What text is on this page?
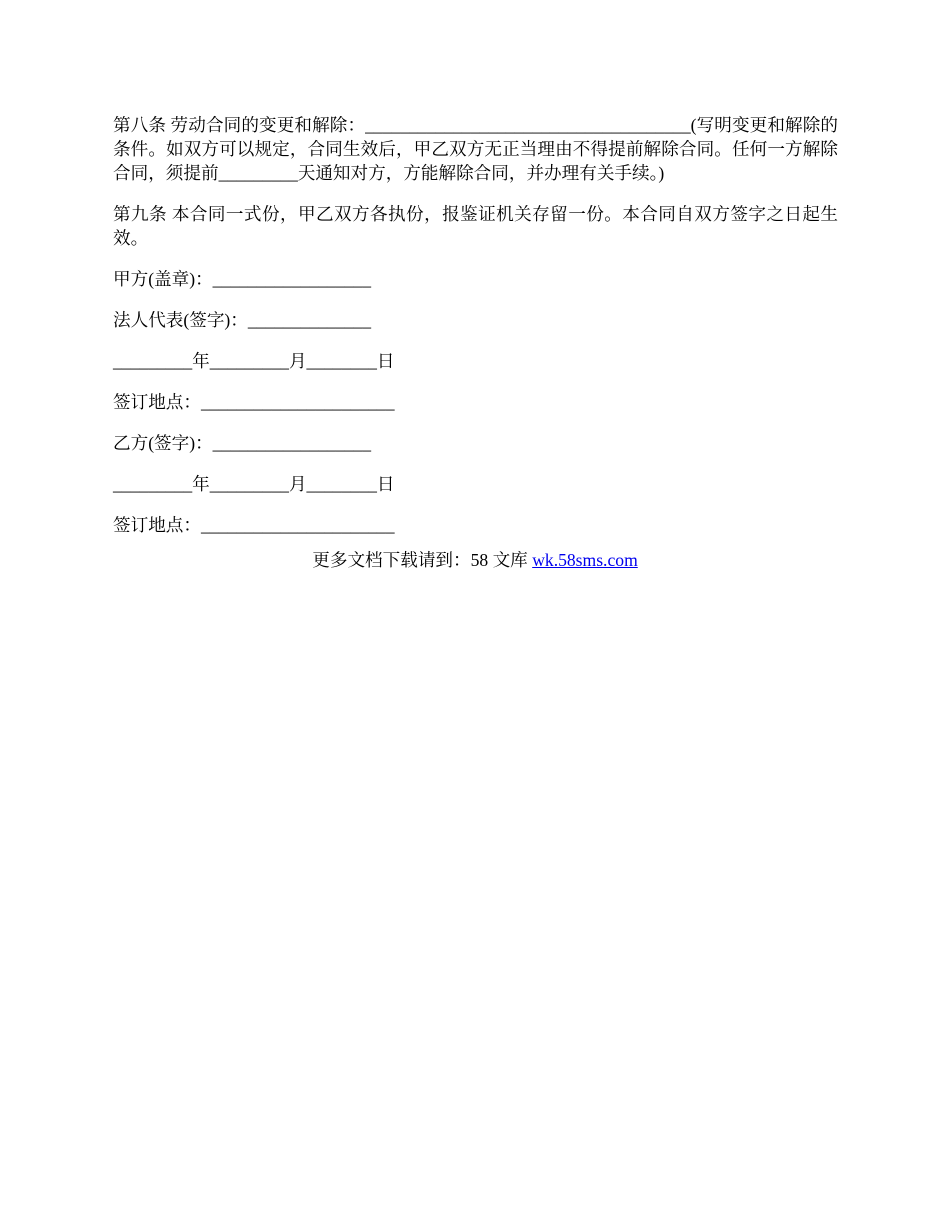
第八条 劳动合同的变更和解除：_____________________________________(写明变更和解除的条件。如双方可以规定，合同生效后，甲乙双方无正当理由不得提前解除合同。任何一方解除合同，须提前_________天通知对方，方能解除合同，并办理有关手续。)

第九条 本合同一式份，甲乙双方各执份，报鉴证机关存留一份。本合同自双方签字之日起生效。

甲方(盖章)：__________________

法人代表(签字)：______________

_________年_________月________日

签订地点：______________________

乙方(签字)：__________________

_________年_________月________日

签订地点：______________________

更多文档下载请到：58 文库 wk.58sms.com
